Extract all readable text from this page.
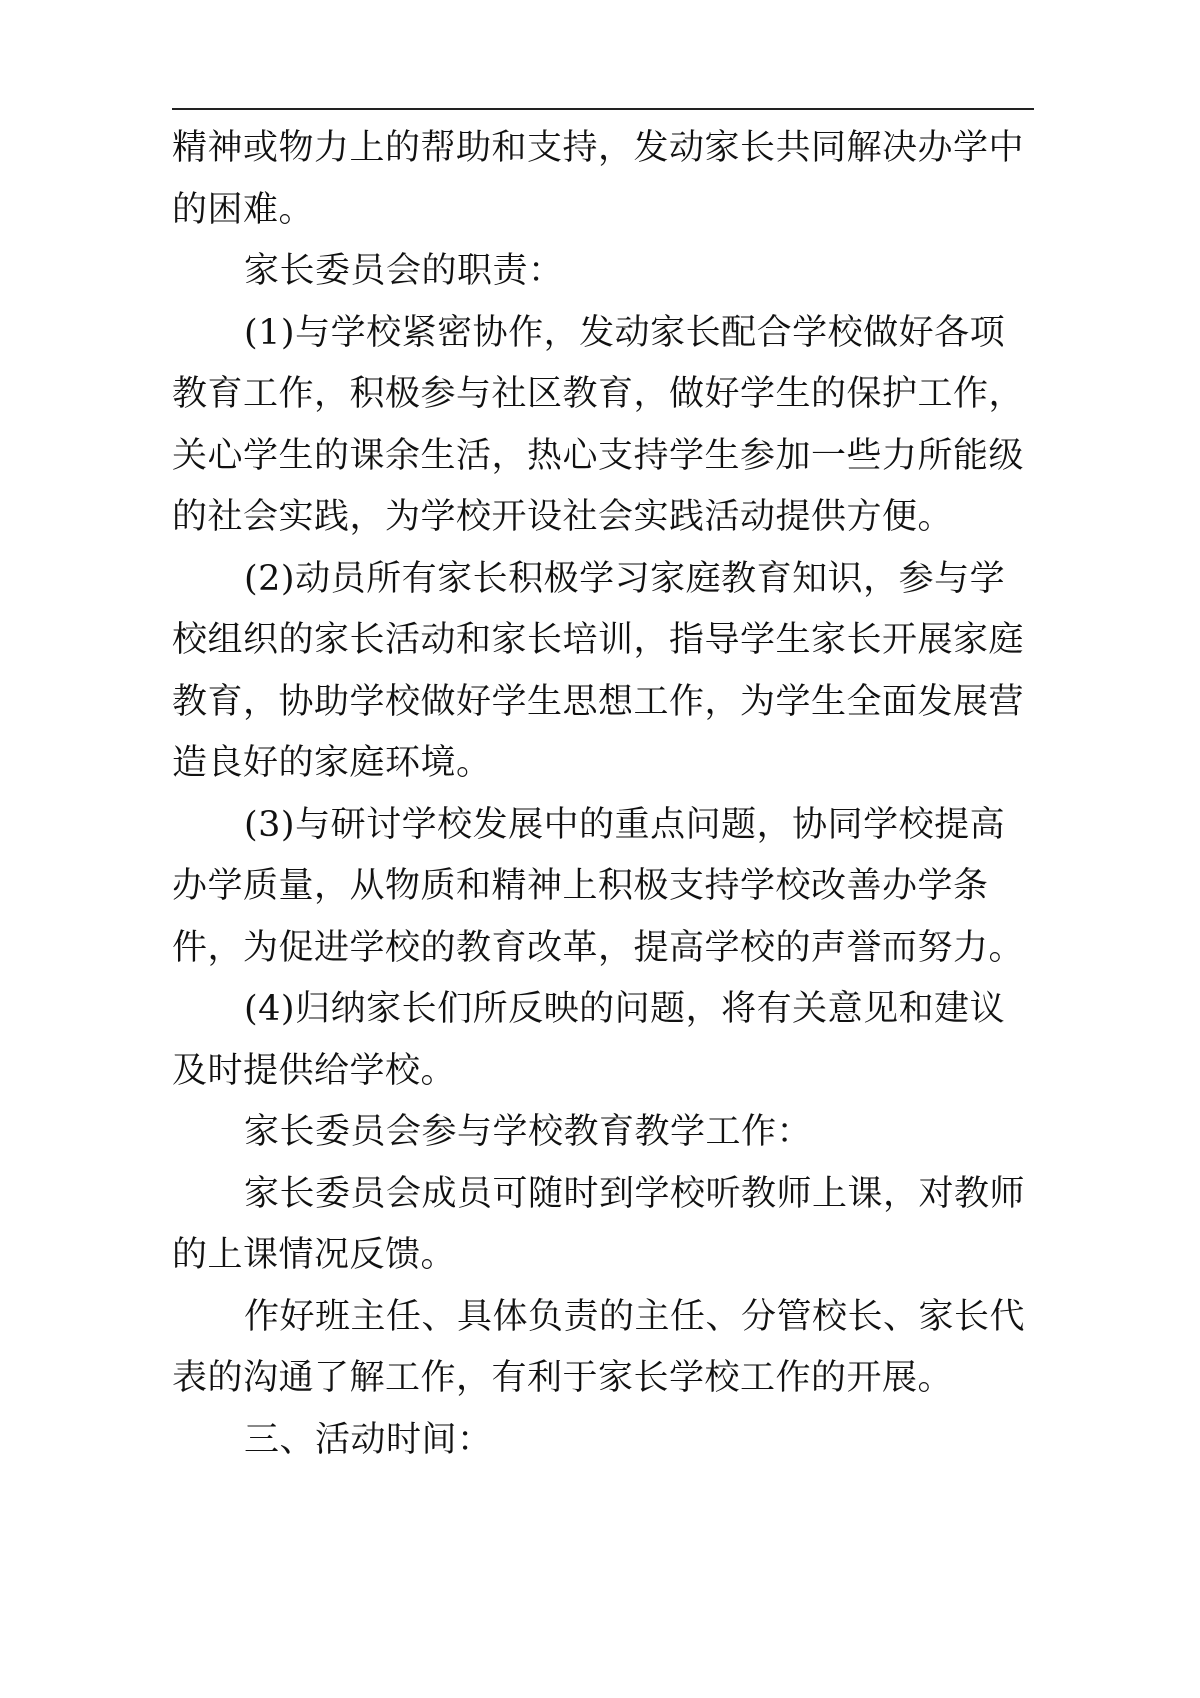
精神或物力上的帮助和支持，发动家长共同解决办学中的困难。

家长委员会的职责：

(1)与学校紧密协作，发动家长配合学校做好各项教育工作，积极参与社区教育，做好学生的保护工作，关心学生的课余生活，热心支持学生参加一些力所能级的社会实践，为学校开设社会实践活动提供方便。

(2)动员所有家长积极学习家庭教育知识，参与学校组织的家长活动和家长培训，指导学生家长开展家庭教育，协助学校做好学生思想工作，为学生全面发展营造良好的家庭环境。

(3)与研讨学校发展中的重点问题，协同学校提高办学质量，从物质和精神上积极支持学校改善办学条件，为促进学校的教育改革，提高学校的声誉而努力。

(4)归纳家长们所反映的问题，将有关意见和建议及时提供给学校。

家长委员会参与学校教育教学工作：

家长委员会成员可随时到学校听教师上课，对教师的上课情况反馈。

作好班主任、具体负责的主任、分管校长、家长代表的沟通了解工作，有利于家长学校工作的开展。

三、活动时间：
